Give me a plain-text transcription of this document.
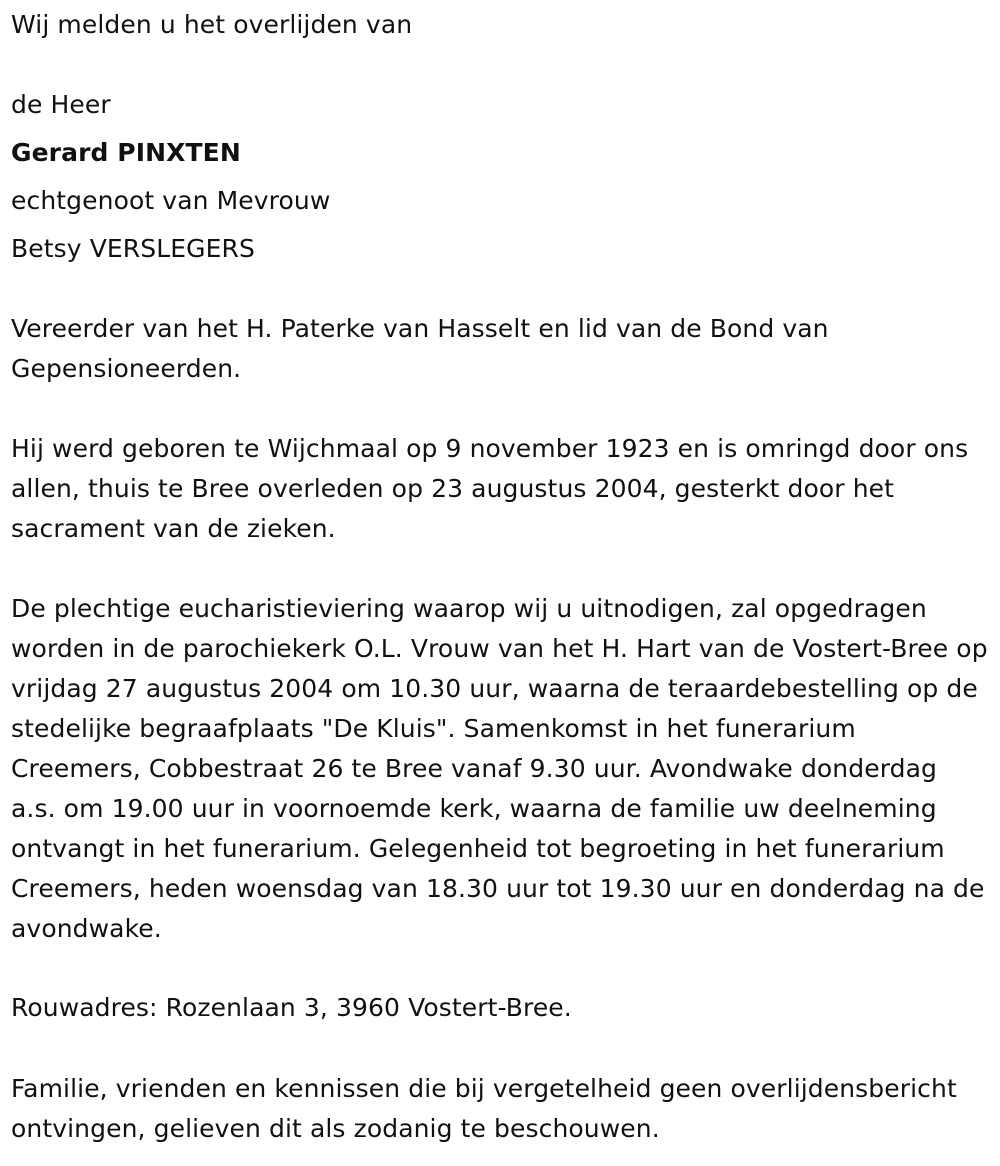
Wij melden u het overlijden van
de Heer
Gerard PINXTEN
echtgenoot van Mevrouw
Betsy VERSLEGERS
Vereerder van het H. Paterke van Hasselt en lid van de Bond van Gepensioneerden.
Hij werd geboren te Wijchmaal op 9 november 1923 en is omringd door ons allen, thuis te Bree overleden op 23 augustus 2004, gesterkt door het sacrament van de zieken.
De plechtige eucharistieviering waarop wij u uitnodigen, zal opgedragen worden in de parochiekerk O.L. Vrouw van het H. Hart van de Vostert-Bree op vrijdag 27 augustus 2004 om 10.30 uur, waarna de teraardebestelling op de stedelijke begraafplaats "De Kluis". Samenkomst in het funerarium Creemers, Cobbestraat 26 te Bree vanaf 9.30 uur. Avondwake donderdag a.s. om 19.00 uur in voornoemde kerk, waarna de familie uw deelneming ontvangt in het funerarium. Gelegenheid tot begroeting in het funerarium Creemers, heden woensdag van 18.30 uur tot 19.30 uur en donderdag na de avondwake.
Rouwadres: Rozenlaan 3, 3960 Vostert-Bree.
Familie, vrienden en kennissen die bij vergetelheid geen overlijdensbericht ontvingen, gelieven dit als zodanig te beschouwen.
